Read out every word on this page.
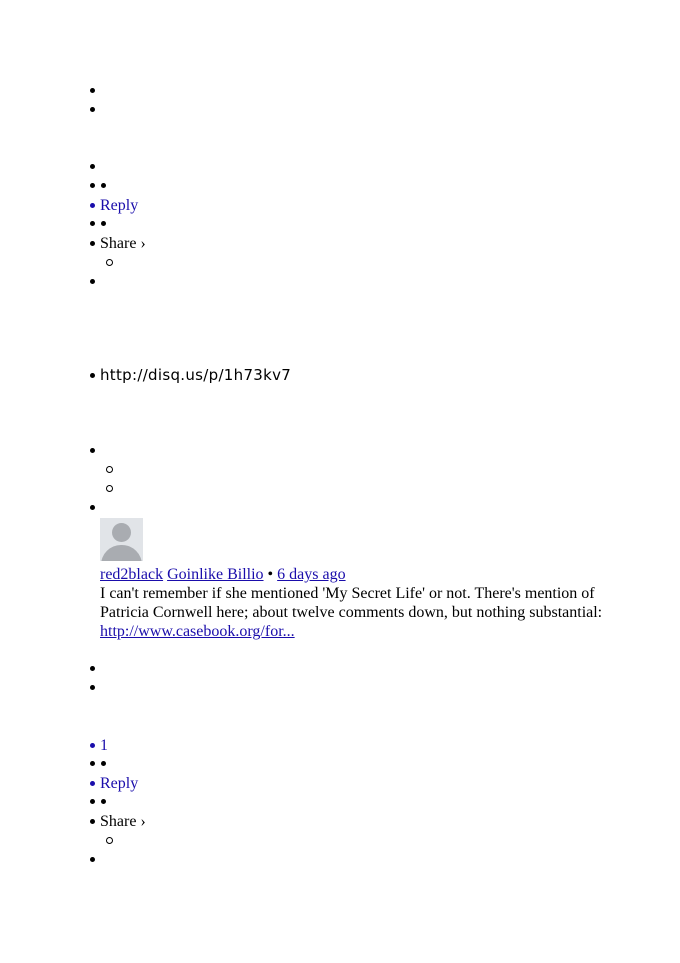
Reply
Share ›
http://disq.us/p/1h73kv7
red2black Goinlike Billio • 6 days ago
I can't remember if she mentioned 'My Secret Life' or not. There's mention of Patricia Cornwell here; about twelve comments down, but nothing substantial: http://www.casebook.org/for...
1
Reply
Share ›
